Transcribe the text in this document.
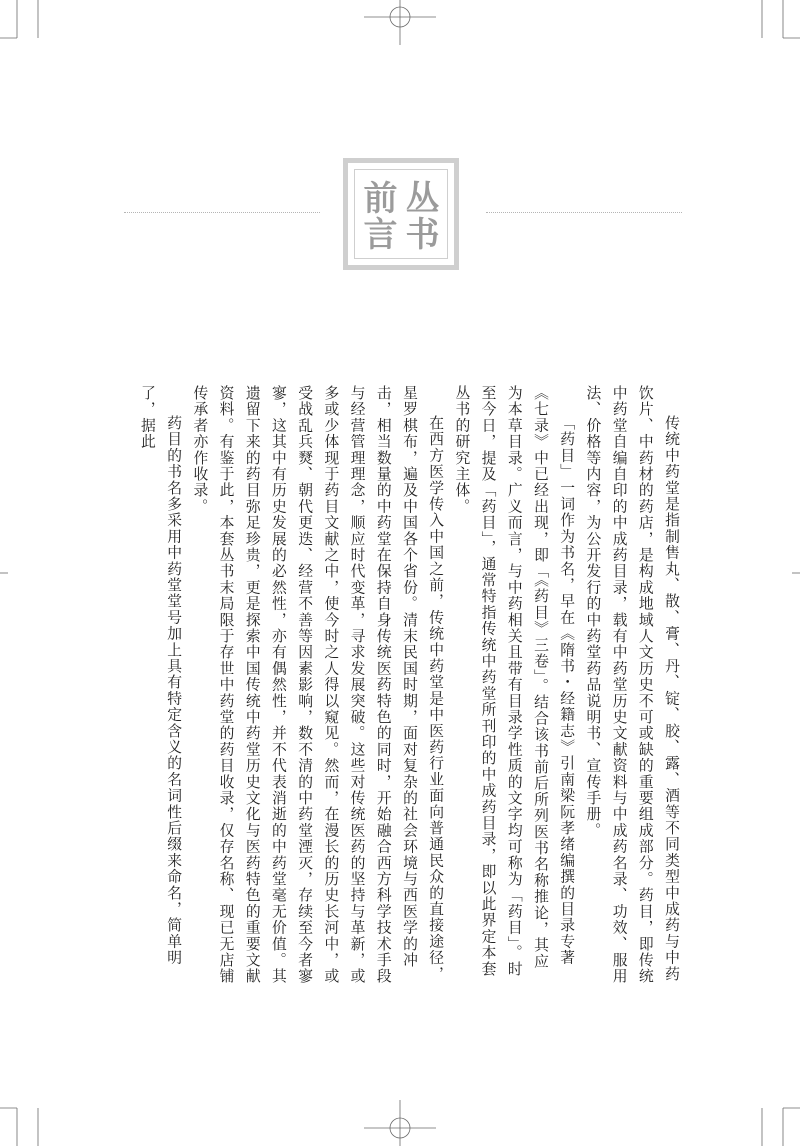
丛书
前言

传统中药堂是指制售丸、散、膏、丹、锭、胶、露、酒等不同类型中成药与中药饮片、中药材的药店，是构成地域人文历史不可或缺的重要组成部分。药目，即传统中药堂自编自印的中成药目录，载有中药堂历史文献资料与中成药名录、功效、服用法、价格等内容，为公开发行的中药堂药品说明书、宣传手册。

「药目」一词作为书名，早在《隋书・经籍志》引南梁阮孝绪编撰的目录专著《七录》中已经出现，即「《药目》三卷」。结合该书前后所列医书名称推论，其应为本草目录。广义而言，与中药相关且带有目录学性质的文字均可称为「药目」。时至今日，提及「药目」，通常特指传统中药堂所刊印的中成药目录，即以此界定本套丛书的研究主体。

在西方医学传入中国之前，传统中药堂是中医药行业面向普通民众的直接途径，星罗棋布，遍及中国各个省份。清末民国时期，面对复杂的社会环境与西医学的冲击，相当数量的中药堂在保持自身传统医药特色的同时，开始融合西方科学技术手段与经营管理理念，顺应时代变革，寻求发展突破。这些对传统医药的坚持与革新，或多或少体现于药目文献之中，使今时之人得以窥见。然而，在漫长的历史长河中，或受战乱兵燹、朝代更迭、经营不善等因素影响，数不清的中药堂湮灭，存续至今者寥寥，这其中有历史发展的必然性，亦有偶然性，并不代表消逝的中药堂毫无价值。其遗留下来的药目弥足珍贵，更是探索中国传统中药堂历史文化与医药特色的重要文献资料。有鉴于此，本套丛书末局限于存世中药堂的药目收录，仅存名称、现已无店铺传承者亦作收录。

药目的书名多采用中药堂堂号加上具有特定含义的名词性后缀来命名，简单明了，据此
